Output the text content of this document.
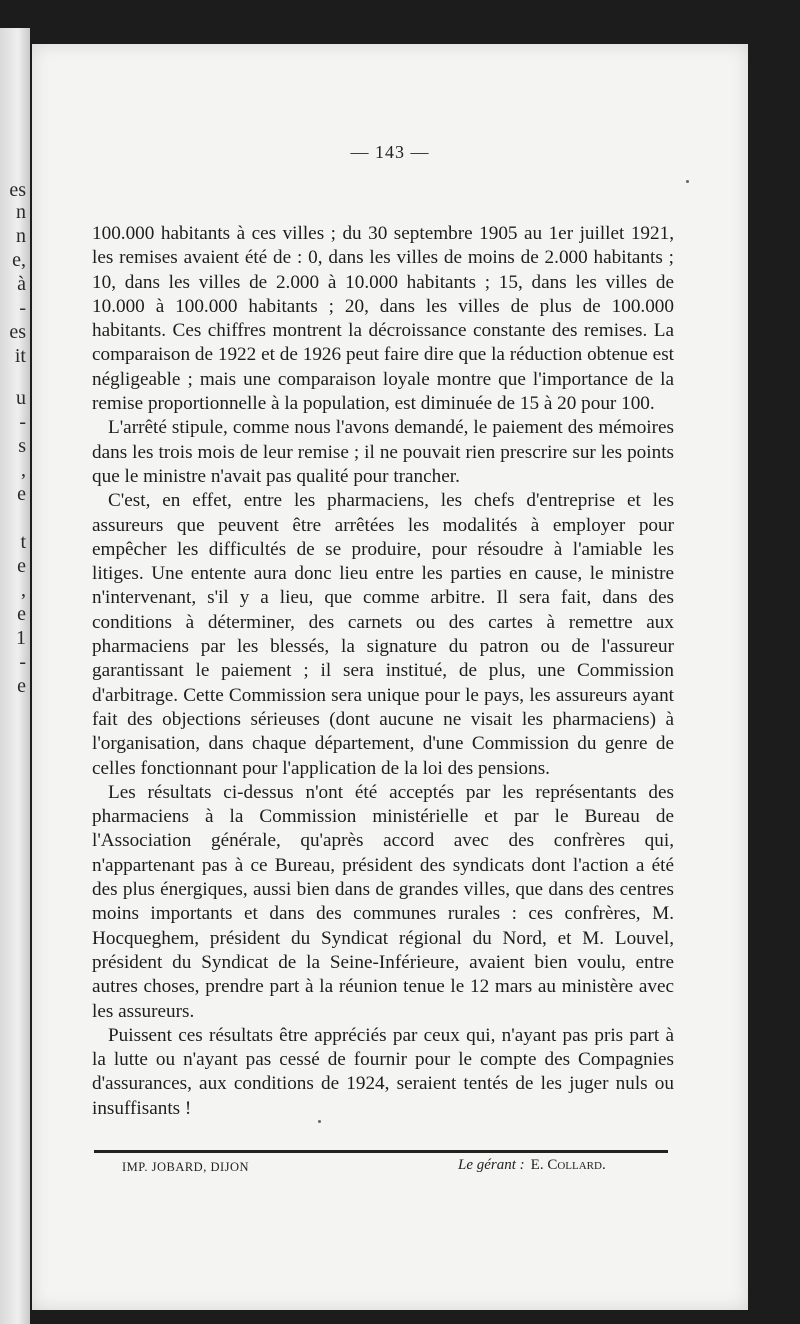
es
n
n
e,
à
-
es
it
u
-
s
,
e
t
e
,
e
1
-
e
— 143 —

100.000 habitants à ces villes ; du 30 septembre 1905 au 1er juillet 1921, les remises avaient été de : 0, dans les villes de moins de 2.000 habitants ; 10, dans les villes de 2.000 à 10.000 habitants ; 15, dans les villes de 10.000 à 100.000 habitants ; 20, dans les villes de plus de 100.000 habitants. Ces chiffres montrent la décroissance constante des remises. La comparaison de 1922 et de 1926 peut faire dire que la réduction obtenue est négligeable ; mais une comparaison loyale montre que l'importance de la remise proportionnelle à la population, est diminuée de 15 à 20 pour 100.

L'arrêté stipule, comme nous l'avons demandé, le paiement des mémoires dans les trois mois de leur remise ; il ne pouvait rien prescrire sur les points que le ministre n'avait pas qualité pour trancher.

C'est, en effet, entre les pharmaciens, les chefs d'entreprise et les assureurs que peuvent être arrêtées les modalités à employer pour empêcher les difficultés de se produire, pour résoudre à l'amiable les litiges. Une entente aura donc lieu entre les parties en cause, le ministre n'intervenant, s'il y a lieu, que comme arbitre. Il sera fait, dans des conditions à déterminer, des carnets ou des cartes à remettre aux pharmaciens par les blessés, la signature du patron ou de l'assureur garantissant le paiement ; il sera institué, de plus, une Commission d'arbitrage. Cette Commission sera unique pour le pays, les assureurs ayant fait des objections sérieuses (dont aucune ne visait les pharmaciens) à l'organisation, dans chaque département, d'une Commission du genre de celles fonctionnant pour l'application de la loi des pensions.

Les résultats ci-dessus n'ont été acceptés par les représentants des pharmaciens à la Commission ministérielle et par le Bureau de l'Association générale, qu'après accord avec des confrères qui, n'appartenant pas à ce Bureau, président des syndicats dont l'action a été des plus énergiques, aussi bien dans de grandes villes, que dans des centres moins importants et dans des communes rurales : ces confrères, M. Hocqueghem, président du Syndicat régional du Nord, et M. Louvel, président du Syndicat de la Seine-Inférieure, avaient bien voulu, entre autres choses, prendre part à la réunion tenue le 12 mars au ministère avec les assureurs.

Puissent ces résultats être appréciés par ceux qui, n'ayant pas pris part à la lutte ou n'ayant pas cessé de fournir pour le compte des Compagnies d'assurances, aux conditions de 1924, seraient tentés de les juger nuls ou insuffisants !

IMP. JOBARD, DIJON	Le gérant : E. Collard.
